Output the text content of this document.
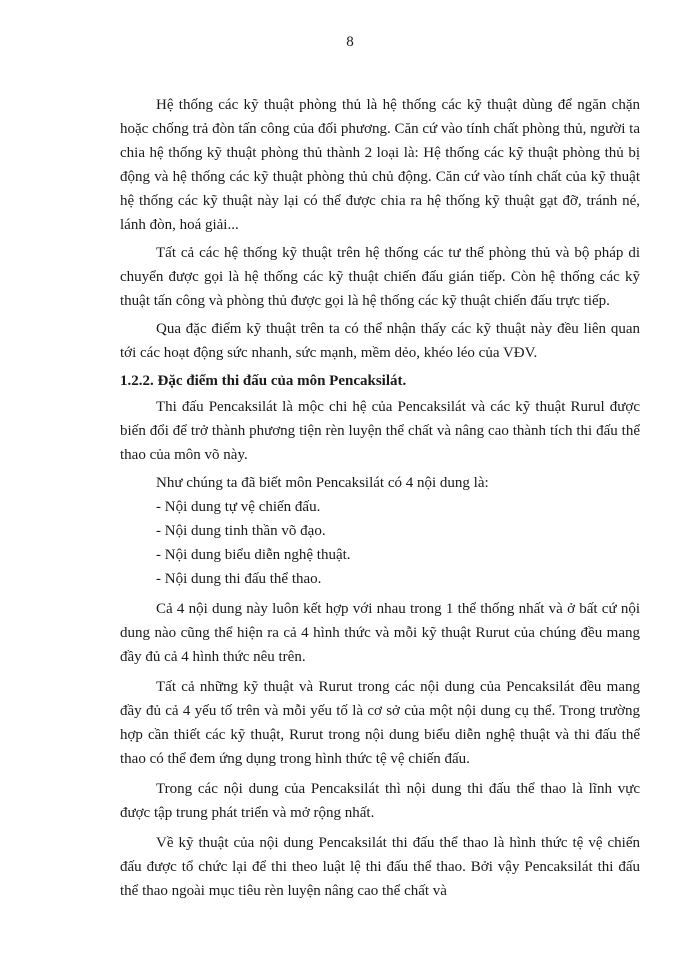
8

Hệ thống các kỹ thuật phòng thủ là hệ thống các kỹ thuật dùng để ngăn chặn hoặc chống trả đòn tấn công của đối phương. Căn cứ vào tính chất phòng thủ, người ta chia hệ thống kỹ thuật phòng thủ thành 2 loại là: Hệ thống các kỹ thuật phòng thủ bị động và hệ thống các kỹ thuật phòng thủ chủ động. Căn cứ vào tính chất của kỹ thuật hệ thống các kỹ thuật này lại có thể được chia ra hệ thống kỹ thuật gạt đỡ, tránh né, lánh đòn, hoá giải...

Tất cả các hệ thống kỹ thuật trên hệ thống các tư thế phòng thủ và bộ pháp di chuyển được gọi là hệ thống các kỹ thuật chiến đấu gián tiếp. Còn hệ thống các kỹ thuật tấn công và phòng thủ được gọi là hệ thống các kỹ thuật chiến đấu trực tiếp.

Qua đặc điểm kỹ thuật trên ta có thể nhận thấy các kỹ thuật này đều liên quan tới các hoạt động sức nhanh, sức mạnh, mềm dẻo, khéo léo của VĐV.

1.2.2. Đặc điểm thi đấu của môn Pencaksilát.

Thi đấu Pencaksilát là mộc chi hệ của Pencaksilát và các kỹ thuật Rurul được biến đổi để trở thành phương tiện rèn luyện thể chất và nâng cao thành tích thi đấu thể thao của môn võ này.

Như chúng ta đã biết môn Pencaksilát có 4 nội dung là:

- Nội dung tự vệ chiến đấu.

- Nội dung tinh thần võ đạo.

- Nội dung biểu diễn nghệ thuật.

- Nội dung thi đấu thể thao.

Cả 4 nội dung này luôn kết hợp với nhau trong 1 thể thống nhất và ở bất cứ nội dung nào cũng thể hiện ra cả 4 hình thức và mỗi kỹ thuật Rurut của chúng đều mang đầy đủ cả 4 hình thức nêu trên.

Tất cả những kỹ thuật và Rurut trong các nội dung của Pencaksilát đều mang đầy đủ cả 4 yếu tố trên và mỗi yếu tố là cơ sở của một nội dung cụ thể. Trong trường hợp cần thiết các kỹ thuật, Rurut trong nội dung biểu diễn nghệ thuật và thi đấu thể thao có thể đem ứng dụng trong hình thức tệ vệ chiến đấu.

Trong các nội dung của Pencaksilát thì nội dung thi đấu thể thao là lĩnh vực được tập trung phát triển và mở rộng nhất.

Về kỹ thuật của nội dung Pencaksilát thi đấu thể thao là hình thức tệ vệ chiến đấu được tổ chức lại để thi theo luật lệ thi đấu thể thao. Bởi vậy Pencaksilát thi đấu thể thao ngoài mục tiêu rèn luyện nâng cao thể chất và
